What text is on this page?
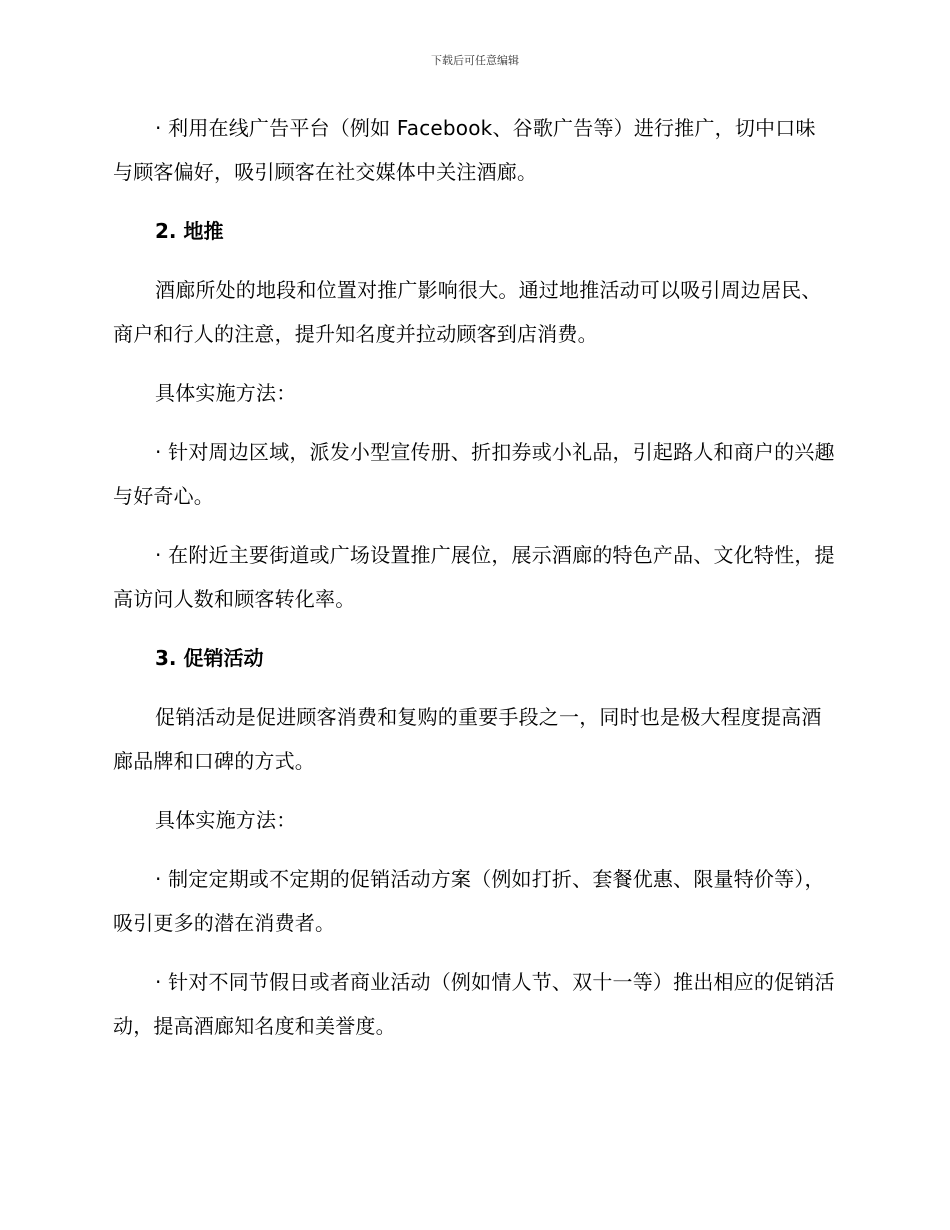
下载后可任意编辑

· 利用在线广告平台（例如 Facebook、谷歌广告等）进行推广，切中口味与顾客偏好，吸引顾客在社交媒体中关注酒廊。

2. 地推

酒廊所处的地段和位置对推广影响很大。通过地推活动可以吸引周边居民、商户和行人的注意，提升知名度并拉动顾客到店消费。

具体实施方法：

· 针对周边区域，派发小型宣传册、折扣券或小礼品，引起路人和商户的兴趣与好奇心。

· 在附近主要街道或广场设置推广展位，展示酒廊的特色产品、文化特性，提高访问人数和顾客转化率。

3. 促销活动

促销活动是促进顾客消费和复购的重要手段之一，同时也是极大程度提高酒廊品牌和口碑的方式。

具体实施方法：

· 制定定期或不定期的促销活动方案（例如打折、套餐优惠、限量特价等），吸引更多的潜在消费者。

· 针对不同节假日或者商业活动（例如情人节、双十一等）推出相应的促销活动，提高酒廊知名度和美誉度。
